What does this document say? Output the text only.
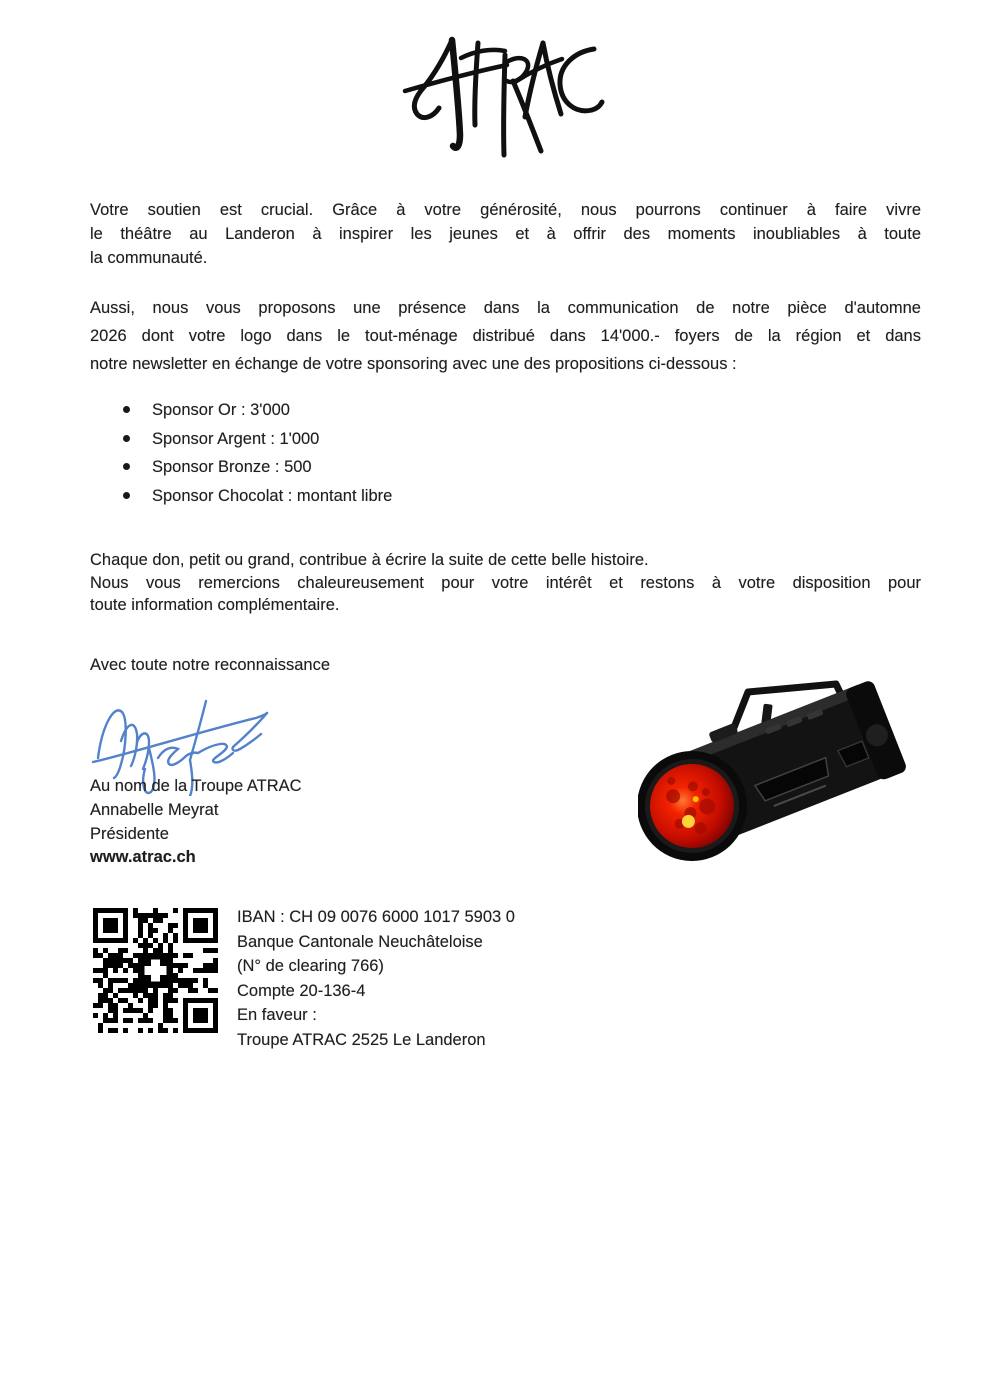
Votre soutien est crucial. Grâce à votre générosité, nous pourrons continuer à faire vivre
le théâtre au Landeron à inspirer les jeunes et à offrir des moments inoubliables à toute
la communauté.
Aussi, nous vous proposons une présence dans la communication de notre pièce d'automne
2026 dont votre logo dans le tout-ménage distribué dans 14'000.- foyers de la région et dans
notre newsletter en échange de votre sponsoring avec une des propositions ci-dessous :
Sponsor Or : 3'000
Sponsor Argent : 1'000
Sponsor Bronze : 500
Sponsor Chocolat : montant libre
Chaque don, petit ou grand, contribue à écrire la suite de cette belle histoire.
Nous vous remercions chaleureusement pour votre intérêt et restons à votre disposition pour
toute information complémentaire.
Avec toute notre reconnaissance
Au nom de la Troupe ATRAC
Annabelle Meyrat
Présidente
www.atrac.ch
IBAN : CH 09 0076 6000 1017 5903 0
Banque Cantonale Neuchâteloise
(N° de clearing 766)
Compte 20-136-4
En faveur :
Troupe ATRAC 2525 Le Landeron
